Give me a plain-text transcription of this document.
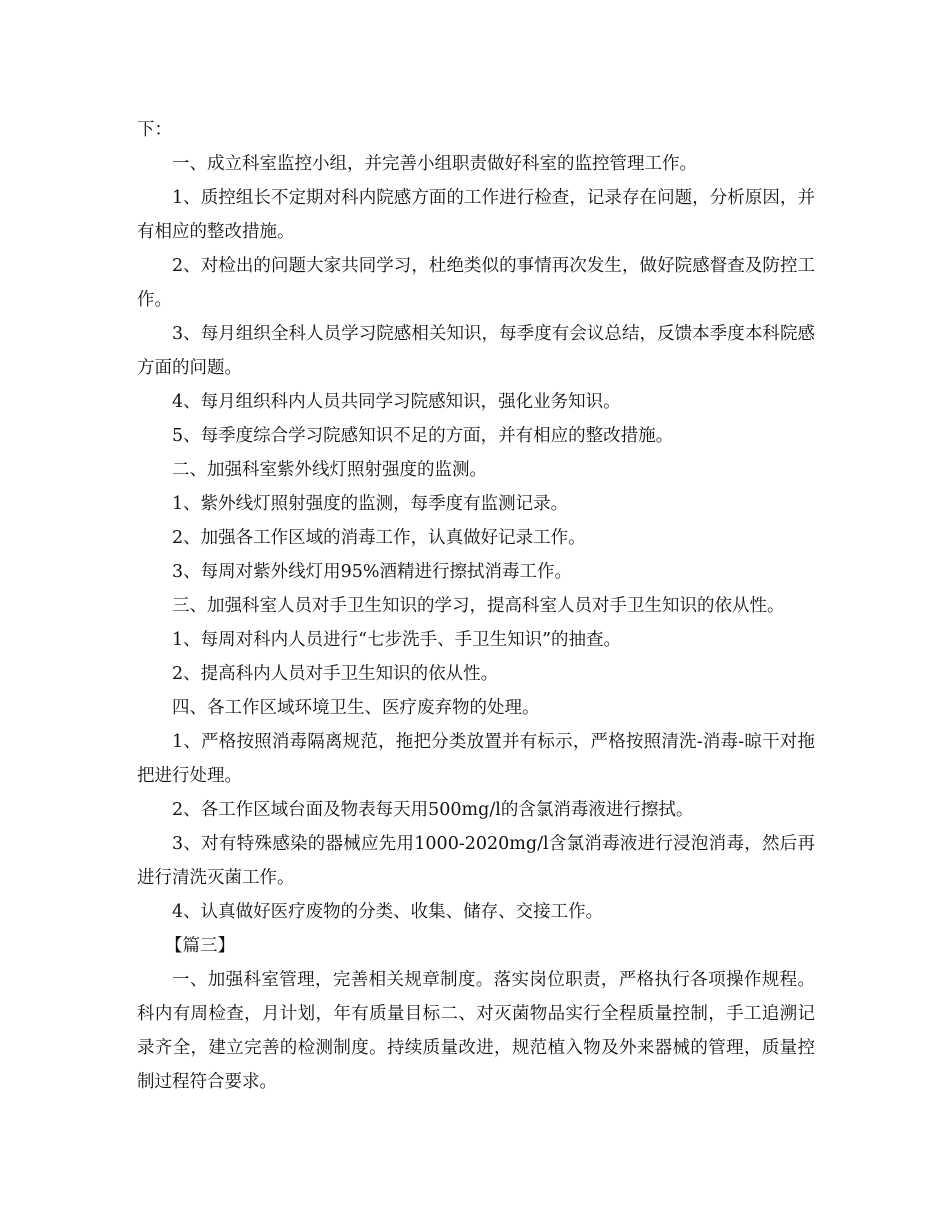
下：

一、成立科室监控小组，并完善小组职责做好科室的监控管理工作。

1、质控组长不定期对科内院感方面的工作进行检查，记录存在问题，分析原因，并有相应的整改措施。

2、对检出的问题大家共同学习，杜绝类似的事情再次发生，做好院感督查及防控工作。

3、每月组织全科人员学习院感相关知识，每季度有会议总结，反馈本季度本科院感方面的问题。

4、每月组织科内人员共同学习院感知识，强化业务知识。

5、每季度综合学习院感知识不足的方面，并有相应的整改措施。

二、加强科室紫外线灯照射强度的监测。

1、紫外线灯照射强度的监测，每季度有监测记录。

2、加强各工作区域的消毒工作，认真做好记录工作。

3、每周对紫外线灯用95%酒精进行擦拭消毒工作。

三、加强科室人员对手卫生知识的学习，提高科室人员对手卫生知识的依从性。

1、每周对科内人员进行“七步洗手、手卫生知识”的抽查。

2、提高科内人员对手卫生知识的依从性。

四、各工作区域环境卫生、医疗废弃物的处理。

1、严格按照消毒隔离规范，拖把分类放置并有标示，严格按照清洗-消毒-晾干对拖把进行处理。

2、各工作区域台面及物表每天用500mg/l的含氯消毒液进行擦拭。

3、对有特殊感染的器械应先用1000-2020mg/l含氯消毒液进行浸泡消毒，然后再进行清洗灭菌工作。

4、认真做好医疗废物的分类、收集、储存、交接工作。

【篇三】

一、加强科室管理，完善相关规章制度。落实岗位职责，严格执行各项操作规程。科内有周检查，月计划，年有质量目标二、对灭菌物品实行全程质量控制，手工追溯记录齐全，建立完善的检测制度。持续质量改进，规范植入物及外来器械的管理，质量控制过程符合要求。
